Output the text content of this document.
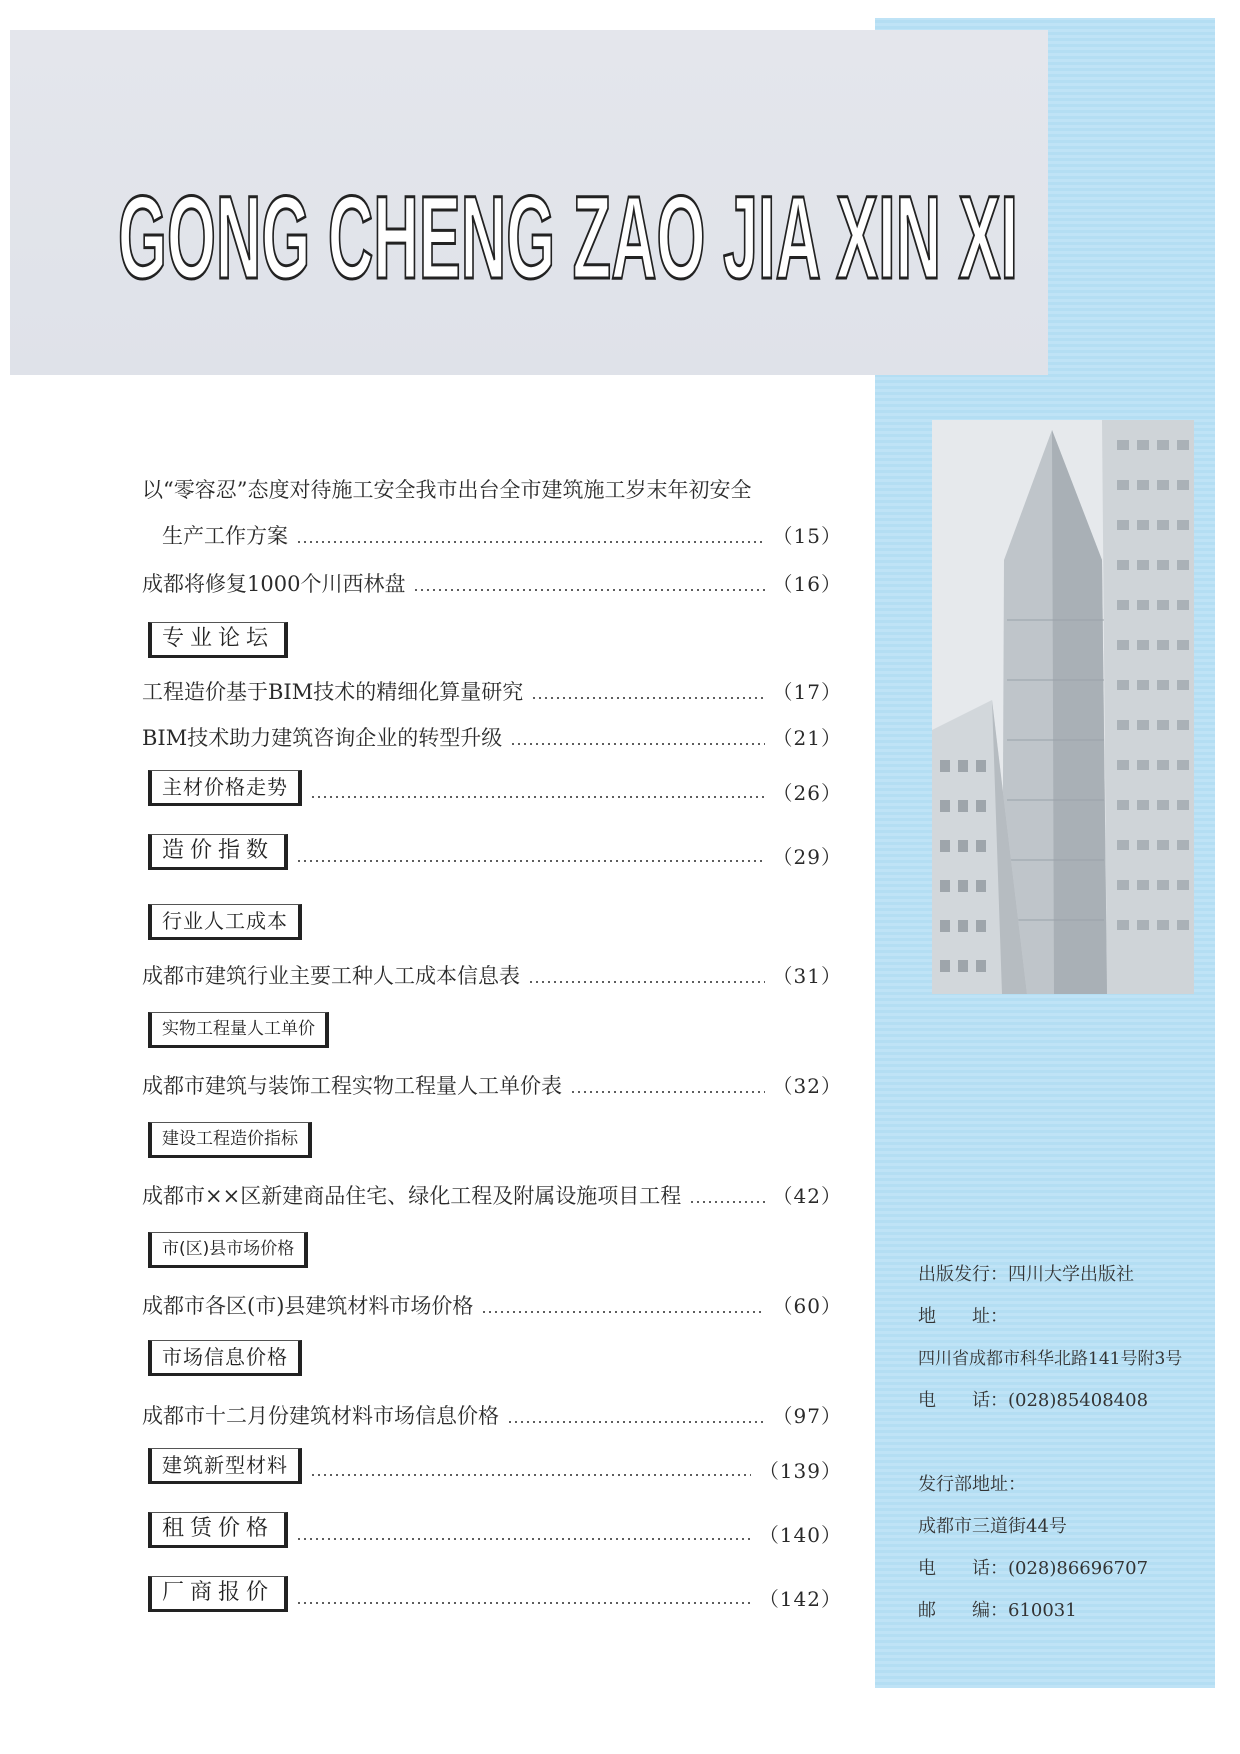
GONG CHENG ZAO JIA XIN XI
以“零容忍”态度对待施工安全我市出台全市建筑施工岁末年初安全
生产工作方案	（15）
成都将修复1000个川西林盘	（16）
专业论坛
工程造价基于BIM技术的精细化算量研究	（17）
BIM技术助力建筑咨询企业的转型升级	（21）
主材价格走势	（26）
造价指数	（29）
行业人工成本
成都市建筑行业主要工种人工成本信息表	（31）
实物工程量人工单价
成都市建筑与装饰工程实物工程量人工单价表	（32）
建设工程造价指标
成都市××区新建商品住宅、绿化工程及附属设施项目工程	（42）
市(区)县市场价格
成都市各区(市)县建筑材料市场价格	（60）
市场信息价格
成都市十二月份建筑材料市场信息价格	（97）
建筑新型材料	（139）
租赁价格	（140）
厂商报价	（142）
出版发行：四川大学出版社
地　　址：
四川省成都市科华北路141号附3号
电　　话：(028)85408408
发行部地址：
成都市三道街44号
电　　话：(028)86696707
邮　　编：610031
